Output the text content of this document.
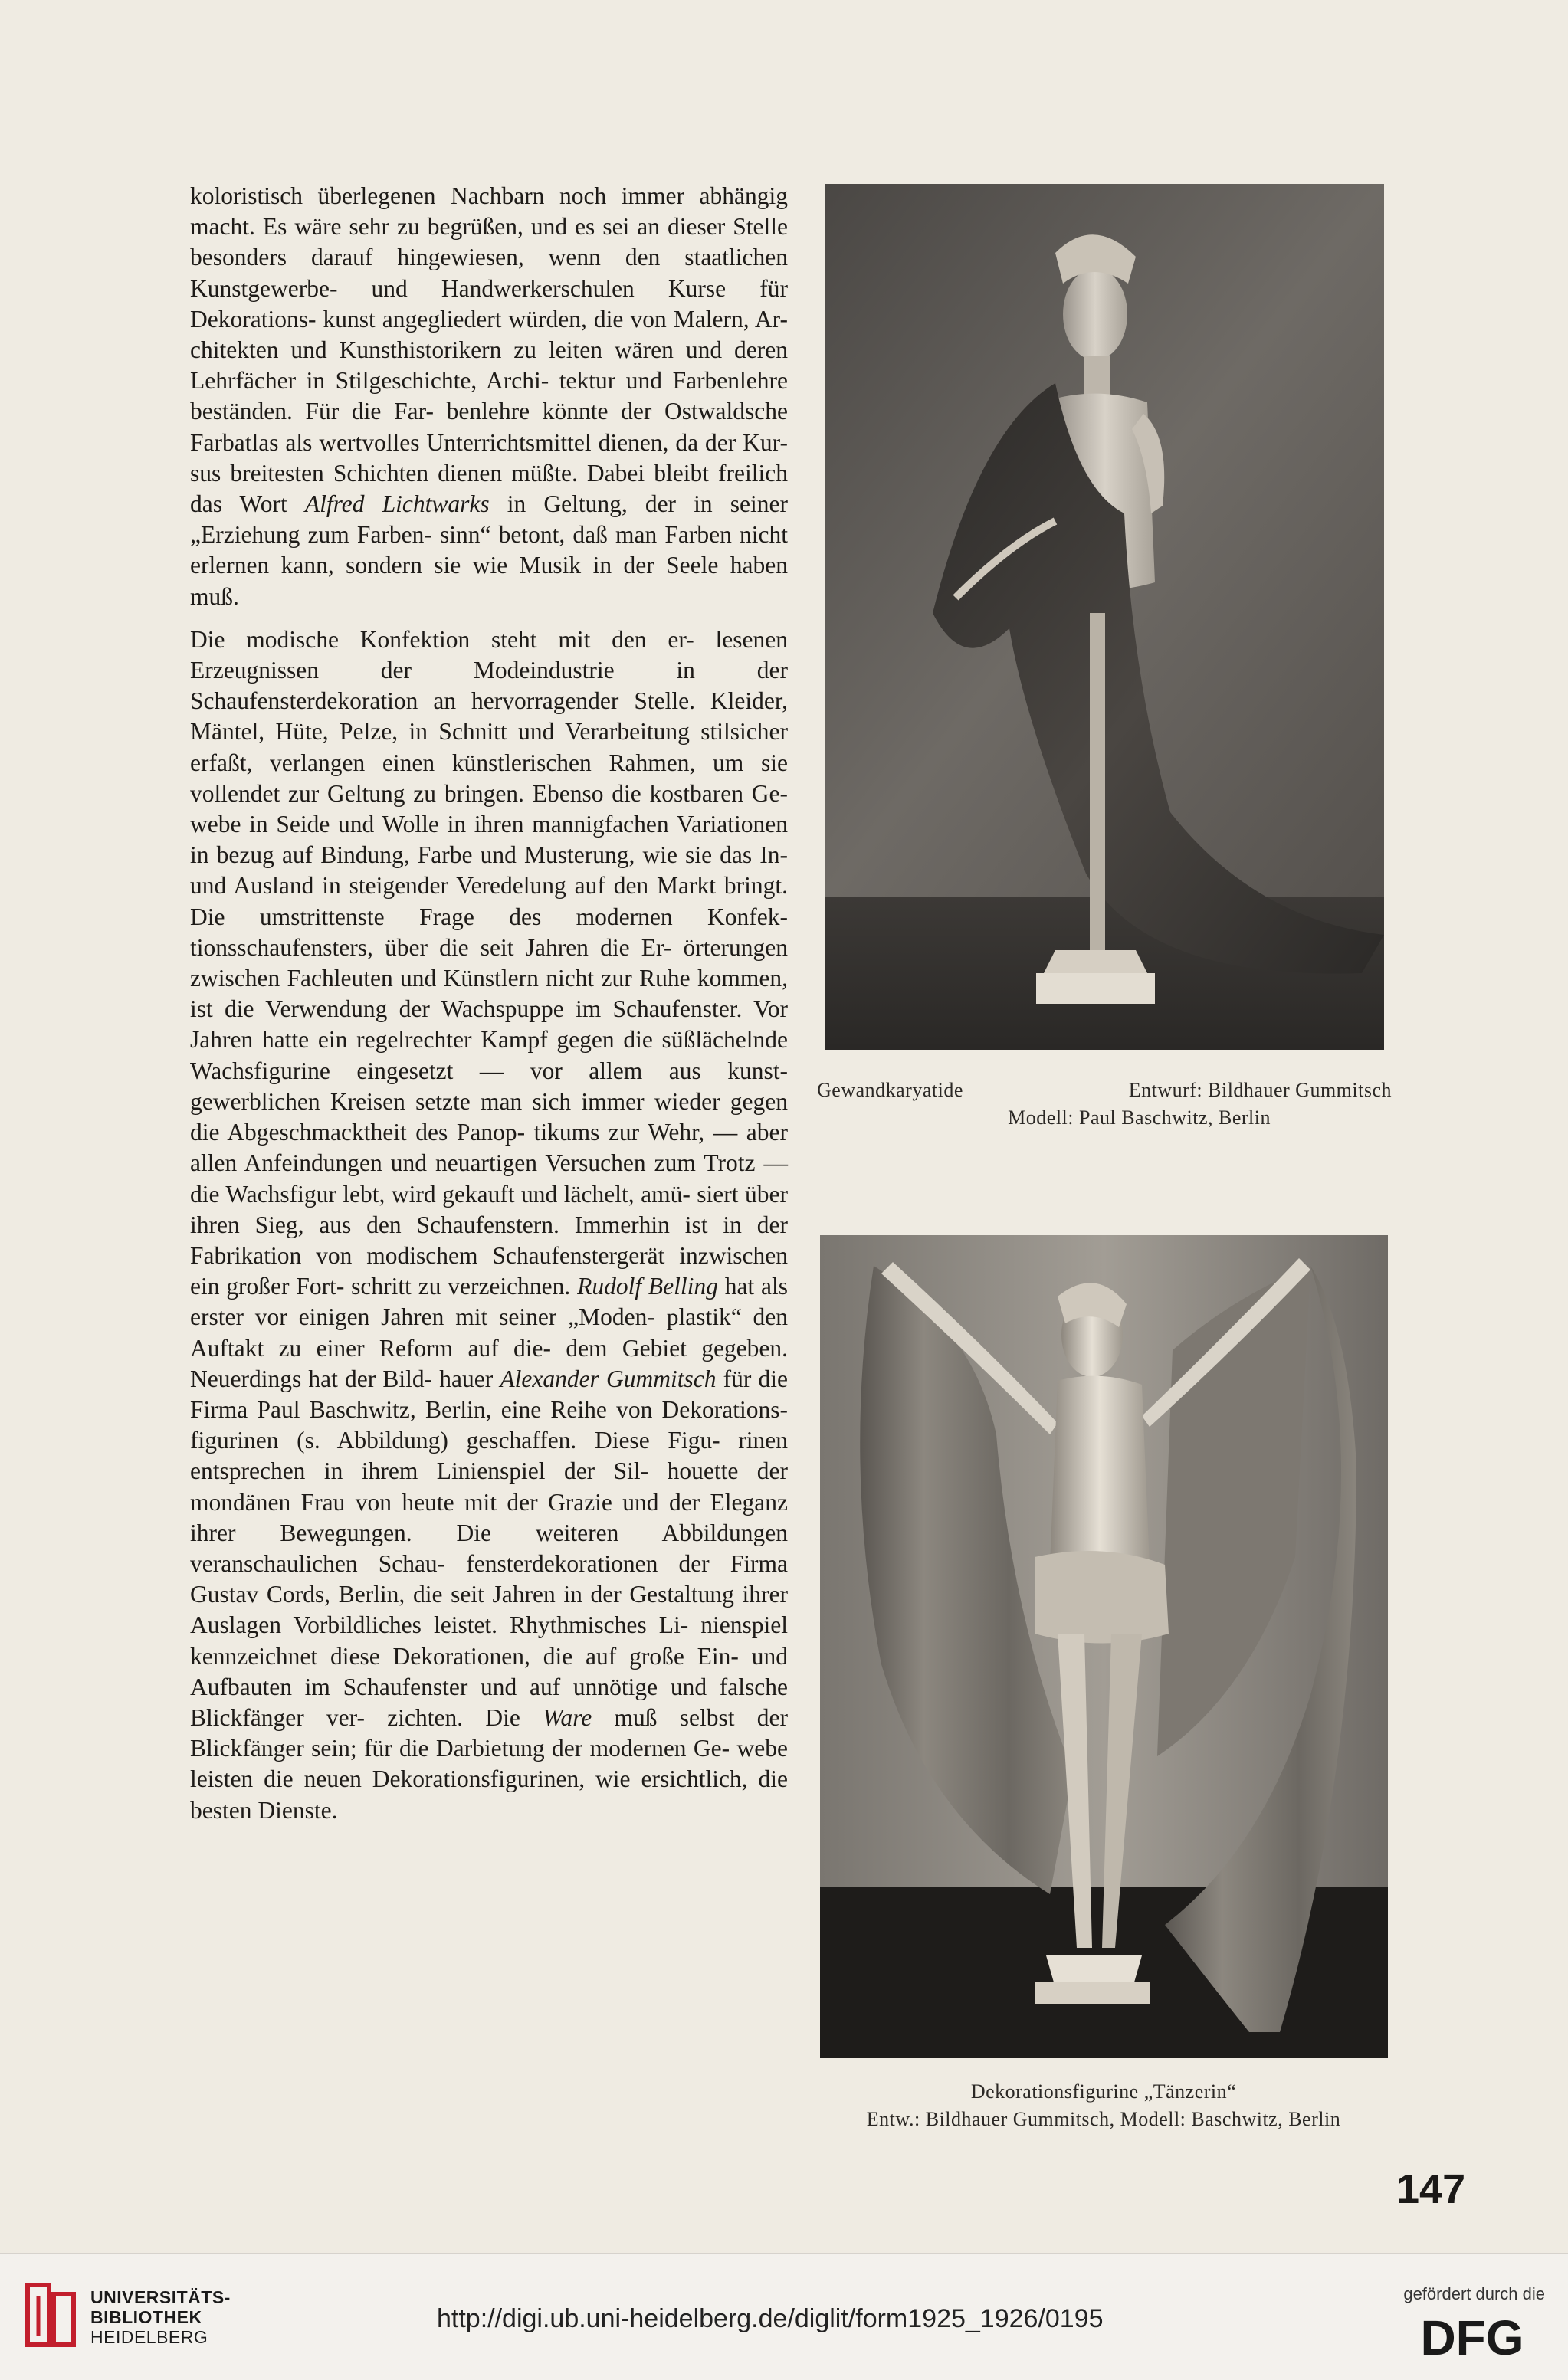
koloristisch überlegenen Nachbarn noch immer abhängig macht. Es wäre sehr zu begrüßen, und es sei an dieser Stelle besonders darauf hingewiesen, wenn den staatlichen Kunstgewerbe- und Handwerkerschulen Kurse für Dekorations- kunst angegliedert würden, die von Malern, Ar- chitekten und Kunsthistorikern zu leiten wären und deren Lehrfächer in Stilgeschichte, Archi- tektur und Farbenlehre beständen. Für die Far- benlehre könnte der Ostwaldsche Farbatlas als wertvolles Unterrichtsmittel dienen, da der Kur- sus breitesten Schichten dienen müßte. Dabei bleibt freilich das Wort Alfred Lichtwarks in Geltung, der in seiner „Erziehung zum Farben- sinn“ betont, daß man Farben nicht erlernen kann, sondern sie wie Musik in der Seele haben muß.

Die modische Konfektion steht mit den er- lesenen Erzeugnissen der Modeindustrie in der Schaufensterdekoration an hervorragender Stelle. Kleider, Mäntel, Hüte, Pelze, in Schnitt und Verarbeitung stilsicher erfaßt, verlangen einen künstlerischen Rahmen, um sie vollendet zur Geltung zu bringen. Ebenso die kostbaren Ge- webe in Seide und Wolle in ihren mannigfachen Variationen in bezug auf Bindung, Farbe und Musterung, wie sie das In- und Ausland in steigender Veredelung auf den Markt bringt. Die umstrittenste Frage des modernen Konfek- tionsschaufensters, über die seit Jahren die Er- örterungen zwischen Fachleuten und Künstlern nicht zur Ruhe kommen, ist die Verwendung der Wachspuppe im Schaufenster. Vor Jahren hatte ein regelrechter Kampf gegen die süßlächelnde Wachsfigurine eingesetzt — vor allem aus kunst- gewerblichen Kreisen setzte man sich immer wieder gegen die Abgeschmacktheit des Panop- tikums zur Wehr, — aber allen Anfeindungen und neuartigen Versuchen zum Trotz — die Wachsfigur lebt, wird gekauft und lächelt, amü- siert über ihren Sieg, aus den Schaufenstern. Immerhin ist in der Fabrikation von modischem Schaufenstergerät inzwischen ein großer Fort- schritt zu verzeichnen. Rudolf Belling hat als erster vor einigen Jahren mit seiner „Moden- plastik“ den Auftakt zu einer Reform auf die- dem Gebiet gegeben. Neuerdings hat der Bild- hauer Alexander Gummitsch für die Firma Paul Baschwitz, Berlin, eine Reihe von Dekorations- figurinen (s. Abbildung) geschaffen. Diese Figu- rinen entsprechen in ihrem Linienspiel der Sil- houette der mondänen Frau von heute mit der Grazie und der Eleganz ihrer Bewegungen. Die weiteren Abbildungen veranschaulichen Schau- fensterdekorationen der Firma Gustav Cords, Berlin, die seit Jahren in der Gestaltung ihrer Auslagen Vorbildliches leistet. Rhythmisches Li- nienspiel kennzeichnet diese Dekorationen, die auf große Ein- und Aufbauten im Schaufenster und auf unnötige und falsche Blickfänger ver- zichten. Die Ware muß selbst der Blickfänger sein; für die Darbietung der modernen Ge- webe leisten die neuen Dekorationsfigurinen, wie ersichtlich, die besten Dienste.

Gewandkaryatide	Entwurf: Bildhauer Gummitsch
Modell: Paul Baschwitz, Berlin
Dekorationsfigurine „Tänzerin“
Entw.: Bildhauer Gummitsch, Modell: Baschwitz, Berlin
147
UNIVERSITÄTS-
BIBLIOTHEK
HEIDELBERG
http://digi.ub.uni-heidelberg.de/diglit/form1925_1926/0195
gefördert durch die
DFG
